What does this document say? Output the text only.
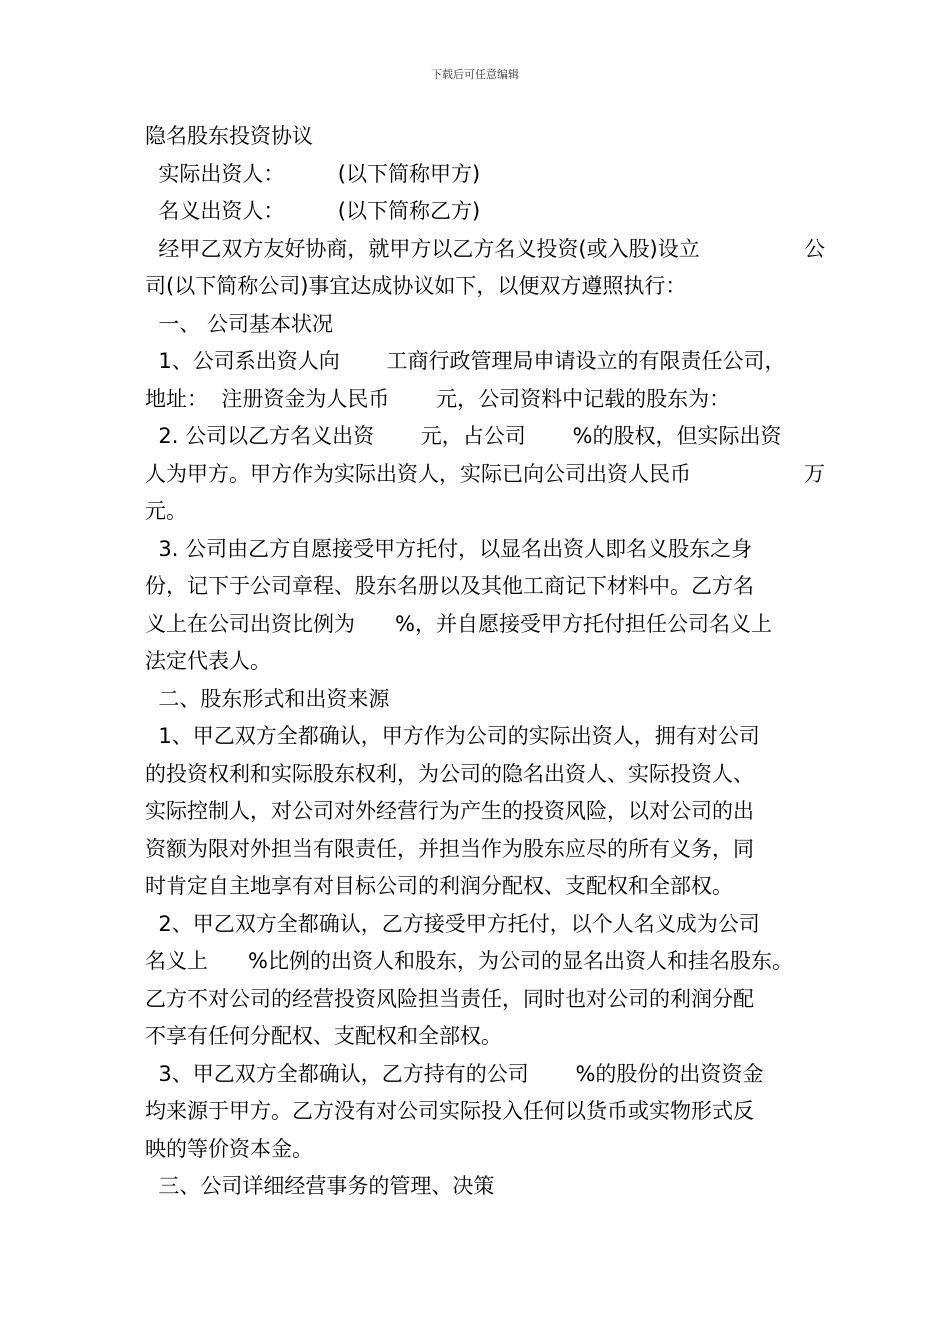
下载后可任意编辑
隐名股东投资协议
实际出资人：        (以下简称甲方)
名义出资人：        (以下简称乙方)
经甲乙双方友好协商，就甲方以乙方名义投资(或入股)设立	公
司(以下简称公司)事宜达成协议如下，以便双方遵照执行：
一、 公司基本状况
1、公司系出资人向       工商行政管理局申请设立的有限责任公司，
地址：  注册资金为人民币       元，公司资料中记载的股东为：
2. 公司以乙方名义出资       元，占公司       %的股权，但实际出资
人为甲方。甲方作为实际出资人，实际已向公司出资人民币	万
元。
3. 公司由乙方自愿接受甲方托付，以显名出资人即名义股东之身
份，记下于公司章程、股东名册以及其他工商记下材料中。乙方名
义上在公司出资比例为      %，并自愿接受甲方托付担任公司名义上
法定代表人。
二、股东形式和出资来源
1、甲乙双方全都确认，甲方作为公司的实际出资人，拥有对公司
的投资权利和实际股东权利，为公司的隐名出资人、实际投资人、
实际控制人，对公司对外经营行为产生的投资风险，以对公司的出
资额为限对外担当有限责任，并担当作为股东应尽的所有义务，同
时肯定自主地享有对目标公司的利润分配权、支配权和全部权。
2、甲乙双方全都确认，乙方接受甲方托付，以个人名义成为公司
名义上      %比例的出资人和股东，为公司的显名出资人和挂名股东。
乙方不对公司的经营投资风险担当责任，同时也对公司的利润分配
不享有任何分配权、支配权和全部权。
3、甲乙双方全都确认，乙方持有的公司       %的股份的出资资金
均来源于甲方。乙方没有对公司实际投入任何以货币或实物形式反
映的等价资本金。
三、公司详细经营事务的管理、决策
